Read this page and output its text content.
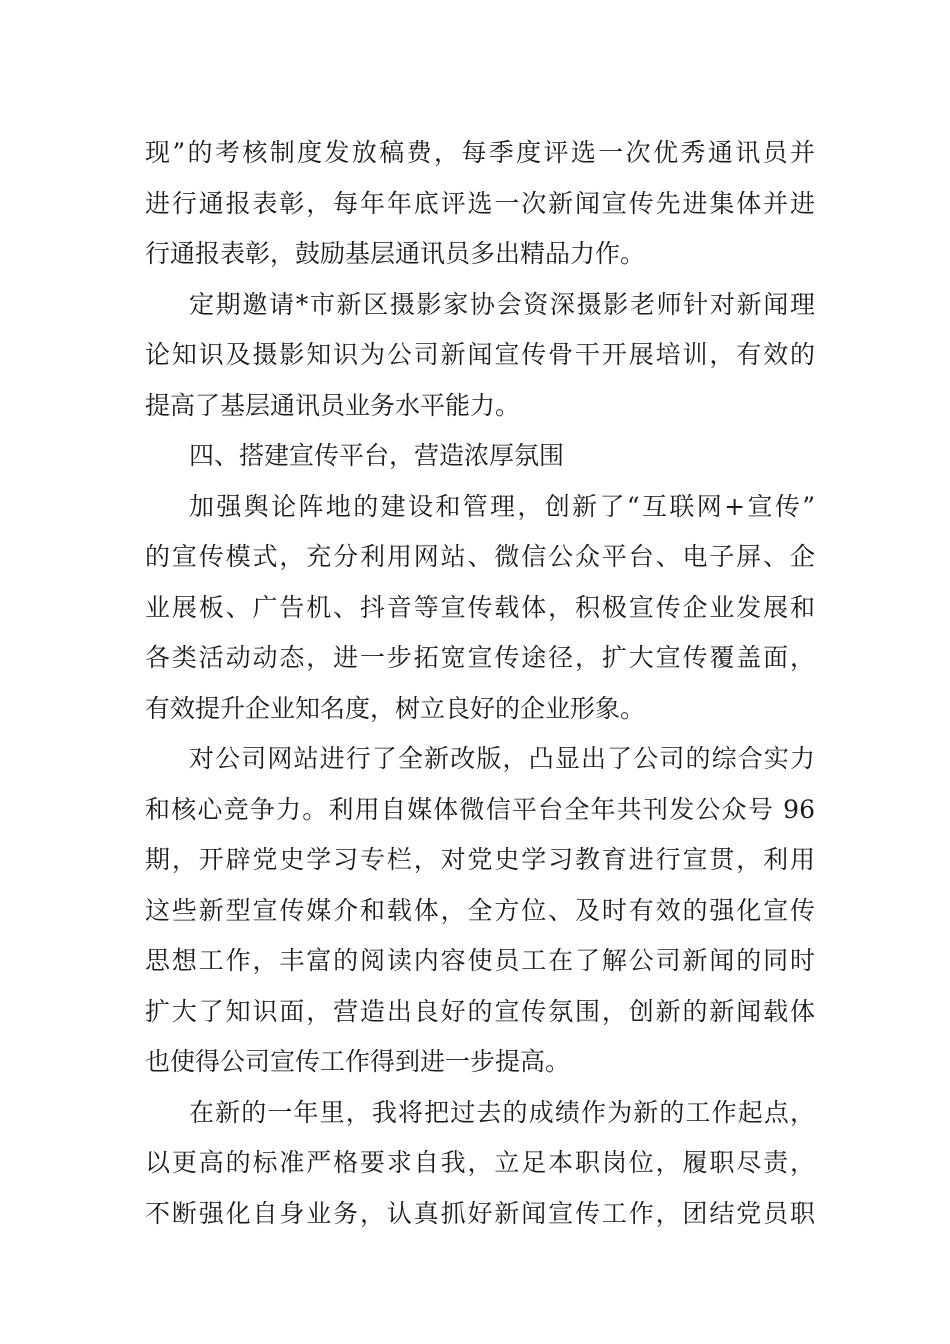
现”的考核制度发放稿费，每季度评选一次优秀通讯员并
进行通报表彰，每年年底评选一次新闻宣传先进集体并进
行通报表彰，鼓励基层通讯员多出精品力作。
定期邀请*市新区摄影家协会资深摄影老师针对新闻理
论知识及摄影知识为公司新闻宣传骨干开展培训，有效的
提高了基层通讯员业务水平能力。
四、搭建宣传平台，营造浓厚氛围
加强舆论阵地的建设和管理，创新了“互联网+宣传”
的宣传模式，充分利用网站、微信公众平台、电子屏、企
业展板、广告机、抖音等宣传载体，积极宣传企业发展和
各类活动动态，进一步拓宽宣传途径，扩大宣传覆盖面，
有效提升企业知名度，树立良好的企业形象。
对公司网站进行了全新改版，凸显出了公司的综合实力
和核心竞争力。利用自媒体微信平台全年共刊发公众号 96
期，开辟党史学习专栏，对党史学习教育进行宣贯，利用
这些新型宣传媒介和载体，全方位、及时有效的强化宣传
思想工作，丰富的阅读内容使员工在了解公司新闻的同时
扩大了知识面，营造出良好的宣传氛围，创新的新闻载体
也使得公司宣传工作得到进一步提高。
在新的一年里，我将把过去的成绩作为新的工作起点，
以更高的标准严格要求自我，立足本职岗位，履职尽责，
不断强化自身业务，认真抓好新闻宣传工作，团结党员职
